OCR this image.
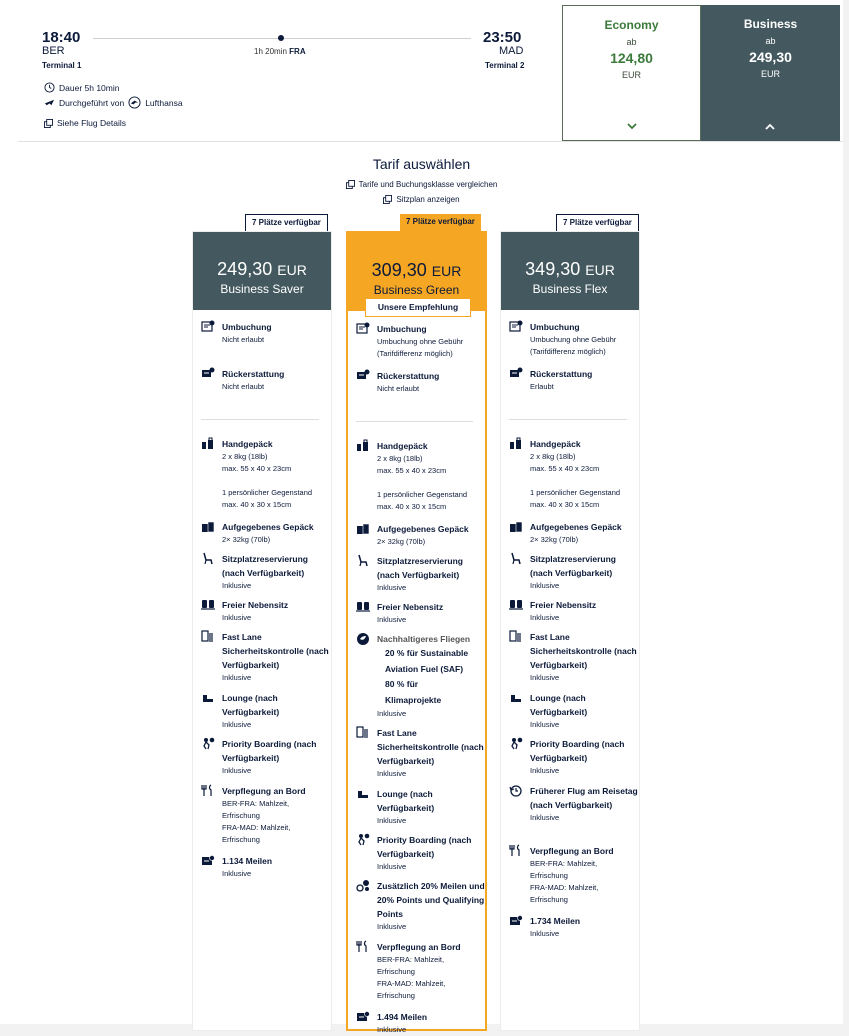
18:40
BER
Terminal 1
1h 20min FRA
23:50
MAD
Terminal 2
Dauer 5h 10min
Durchgeführt von Lufthansa
Siehe Flug Details
Economy
ab
124,80
EUR
Business
ab
249,30
EUR
Tarif auswählen
Tarife und Buchungsklasse vergleichen
Sitzplan anzeigen
7 Plätze verfügbar	7 Plätze verfügbar	7 Plätze verfügbar
249,30 EUR
Business Saver
Umbuchung
Nicht erlaubt
Rückerstattung
Nicht erlaubt
Handgepäck
2 x 8kg (18lb)
max. 55 x 40 x 23cm

1 persönlicher Gegenstand
max. 40 x 30 x 15cm
Aufgegebenes Gepäck
2× 32kg (70lb)
Sitzplatzreservierung (nach Verfügbarkeit)
Inklusive
Freier Nebensitz
Inklusive
Fast Lane Sicherheitskontrolle (nach Verfügbarkeit)
Inklusive
Lounge (nach Verfügbarkeit)
Inklusive
Priority Boarding (nach Verfügbarkeit)
Inklusive
Verpflegung an Bord
BER-FRA: Mahlzeit,
Erfrischung
FRA-MAD: Mahlzeit,
Erfrischung
1.134 Meilen
Inklusive
309,30 EUR
Business Green
Unsere Empfehlung
Umbuchung
Umbuchung ohne Gebühr
(Tarifdifferenz möglich)
Rückerstattung
Nicht erlaubt
Handgepäck
2 x 8kg (18lb)
max. 55 x 40 x 23cm

1 persönlicher Gegenstand
max. 40 x 30 x 15cm
Aufgegebenes Gepäck
2× 32kg (70lb)
Sitzplatzreservierung (nach Verfügbarkeit)
Inklusive
Freier Nebensitz
Inklusive
Nachhaltigeres Fliegen
20 % für Sustainable
Aviation Fuel (SAF)
80 % für
Klimaprojekte
Inklusive
Fast Lane Sicherheitskontrolle (nach Verfügbarkeit)
Inklusive
Lounge (nach Verfügbarkeit)
Inklusive
Priority Boarding (nach Verfügbarkeit)
Inklusive
Zusätzlich 20% Meilen und 20% Points und Qualifying Points
Inklusive
Verpflegung an Bord
BER-FRA: Mahlzeit,
Erfrischung
FRA-MAD: Mahlzeit,
Erfrischung
1.494 Meilen
Inklusive
349,30 EUR
Business Flex
Umbuchung
Umbuchung ohne Gebühr
(Tarifdifferenz möglich)
Rückerstattung
Erlaubt
Handgepäck
2 x 8kg (18lb)
max. 55 x 40 x 23cm

1 persönlicher Gegenstand
max. 40 x 30 x 15cm
Aufgegebenes Gepäck
2× 32kg (70lb)
Sitzplatzreservierung (nach Verfügbarkeit)
Inklusive
Freier Nebensitz
Inklusive
Fast Lane Sicherheitskontrolle (nach Verfügbarkeit)
Inklusive
Lounge (nach Verfügbarkeit)
Inklusive
Priority Boarding (nach Verfügbarkeit)
Inklusive
Früherer Flug am Reisetag (nach Verfügbarkeit)
Inklusive
Verpflegung an Bord
BER-FRA: Mahlzeit,
Erfrischung
FRA-MAD: Mahlzeit,
Erfrischung
1.734 Meilen
Inklusive
